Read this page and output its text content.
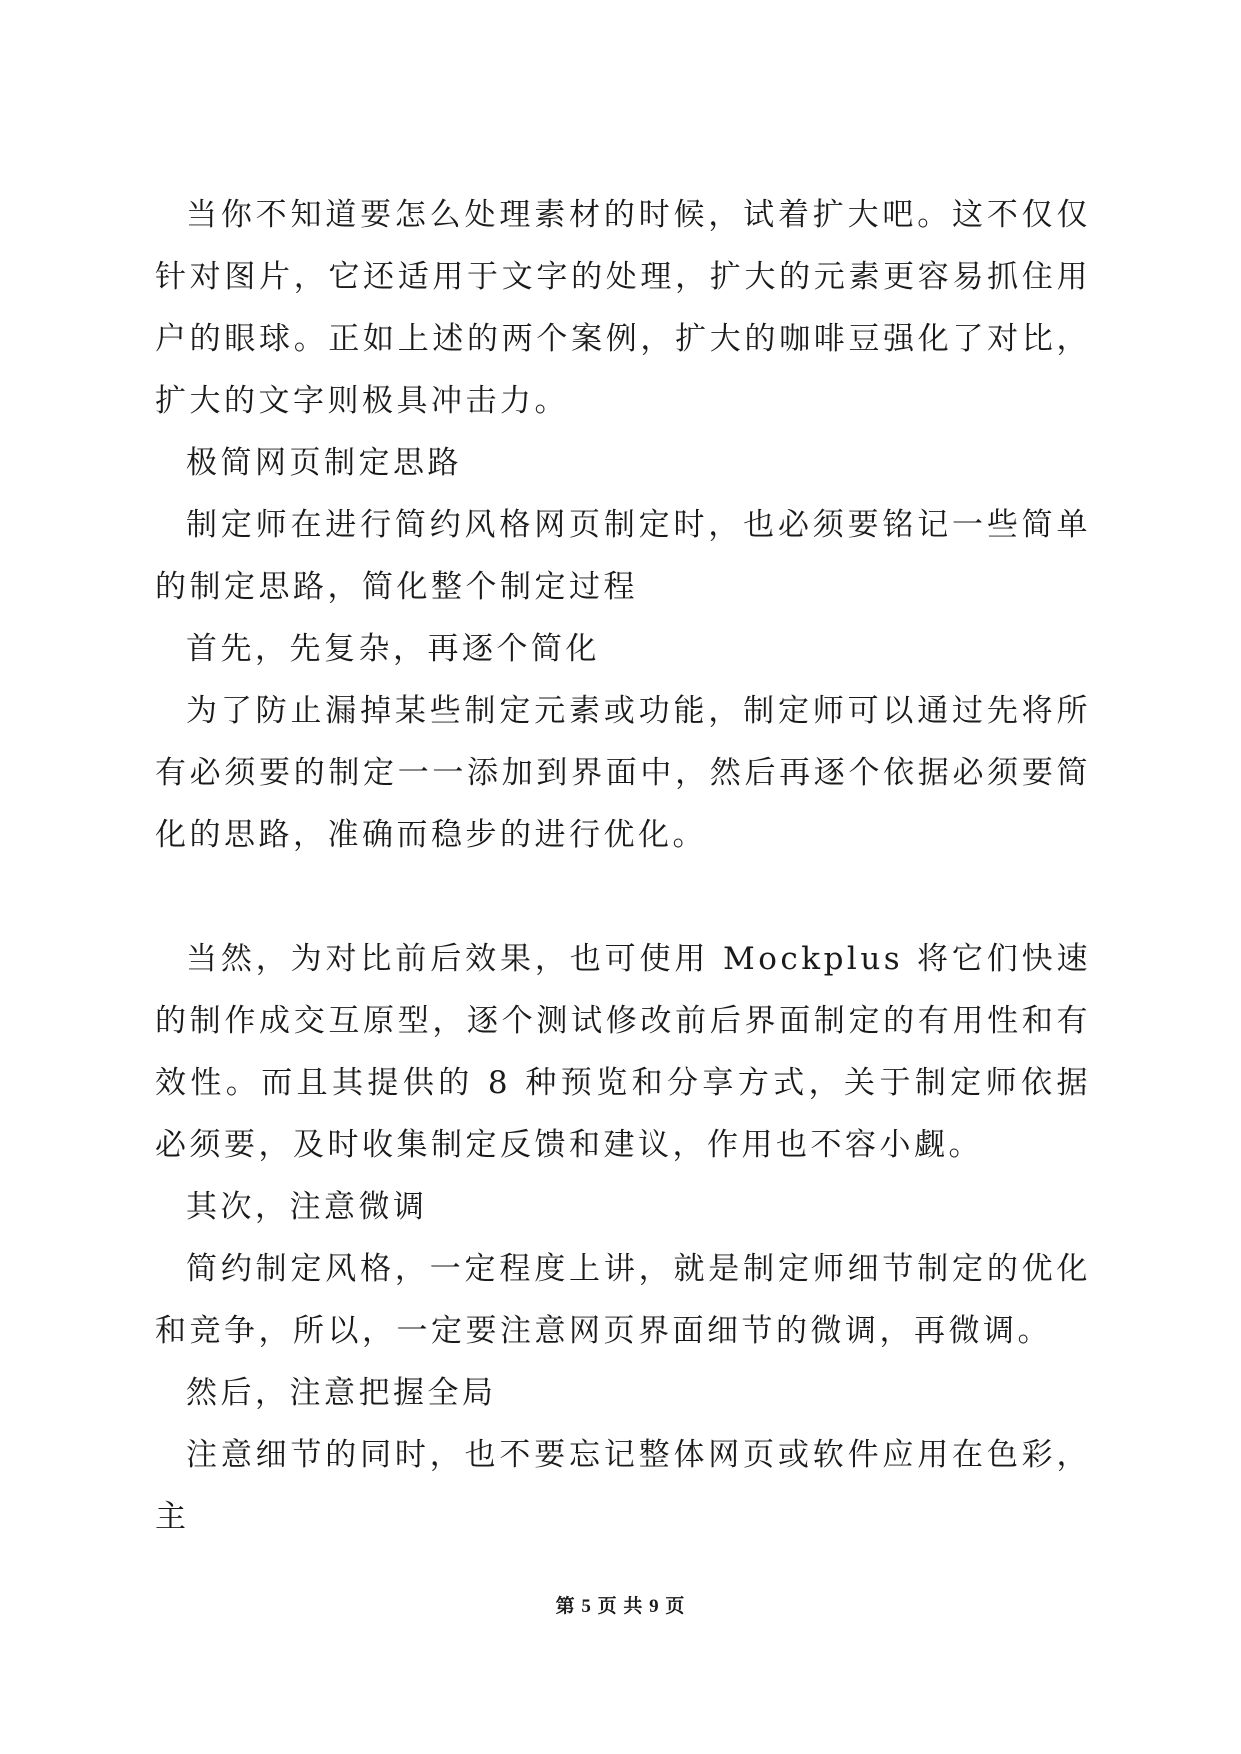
当你不知道要怎么处理素材的时候，试着扩大吧。这不仅仅针对图片，它还适用于文字的处理，扩大的元素更容易抓住用户的眼球。正如上述的两个案例，扩大的咖啡豆强化了对比，扩大的文字则极具冲击力。

极简网页制定思路

制定师在进行简约风格网页制定时，也必须要铭记一些简单的制定思路，简化整个制定过程

首先，先复杂，再逐个简化

为了防止漏掉某些制定元素或功能，制定师可以通过先将所有必须要的制定一一添加到界面中，然后再逐个依据必须要简化的思路，准确而稳步的进行优化。

当然，为对比前后效果，也可使用 Mockplus 将它们快速的制作成交互原型，逐个测试修改前后界面制定的有用性和有效性。而且其提供的 8 种预览和分享方式，关于制定师依据必须要，及时收集制定反馈和建议，作用也不容小觑。

其次，注意微调

简约制定风格，一定程度上讲，就是制定师细节制定的优化和竞争，所以，一定要注意网页界面细节的微调，再微调。

然后，注意把握全局

注意细节的同时，也不要忘记整体网页或软件应用在色彩，主

第 5 页 共 9 页
